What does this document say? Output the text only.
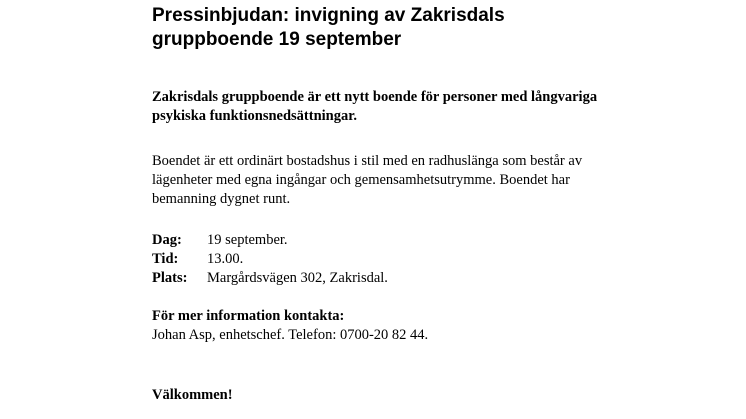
Pressinbjudan: invigning av Zakrisdals
gruppboende 19 september

Zakrisdals gruppboende är ett nytt boende för personer med långvariga
psykiska funktionsnedsättningar.

Boendet är ett ordinärt bostadshus i stil med en radhuslänga som består av
lägenheter med egna ingångar och gemensamhetsutrymme. Boendet har
bemanning dygnet runt.

Dag:	19 september.
Tid:	13.00.
Plats:	Margårdsvägen 302, Zakrisdal.
För mer information kontakta:
Johan Asp, enhetschef. Telefon: 0700-20 82 44.

Välkommen!
